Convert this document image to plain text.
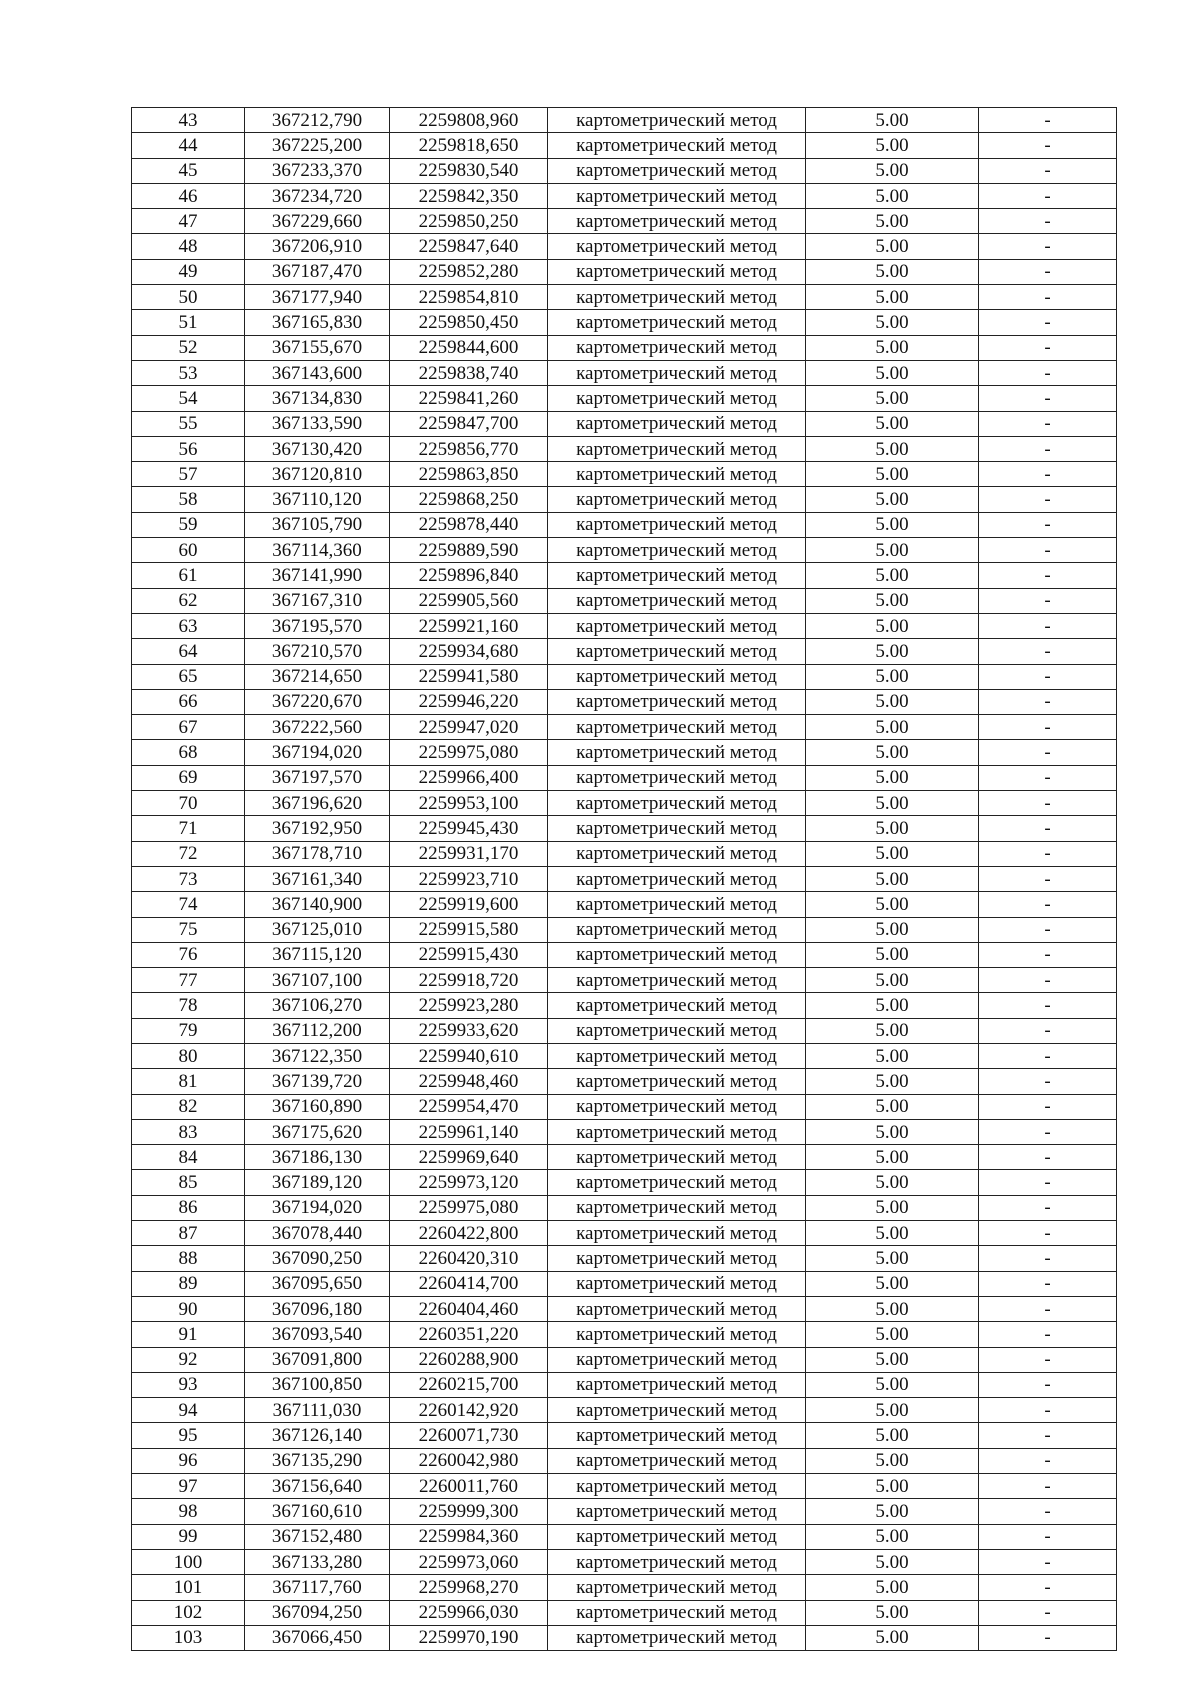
43	367212,790	2259808,960	картометрический метод	5.00	-
44	367225,200	2259818,650	картометрический метод	5.00	-
45	367233,370	2259830,540	картометрический метод	5.00	-
46	367234,720	2259842,350	картометрический метод	5.00	-
47	367229,660	2259850,250	картометрический метод	5.00	-
48	367206,910	2259847,640	картометрический метод	5.00	-
49	367187,470	2259852,280	картометрический метод	5.00	-
50	367177,940	2259854,810	картометрический метод	5.00	-
51	367165,830	2259850,450	картометрический метод	5.00	-
52	367155,670	2259844,600	картометрический метод	5.00	-
53	367143,600	2259838,740	картометрический метод	5.00	-
54	367134,830	2259841,260	картометрический метод	5.00	-
55	367133,590	2259847,700	картометрический метод	5.00	-
56	367130,420	2259856,770	картометрический метод	5.00	-
57	367120,810	2259863,850	картометрический метод	5.00	-
58	367110,120	2259868,250	картометрический метод	5.00	-
59	367105,790	2259878,440	картометрический метод	5.00	-
60	367114,360	2259889,590	картометрический метод	5.00	-
61	367141,990	2259896,840	картометрический метод	5.00	-
62	367167,310	2259905,560	картометрический метод	5.00	-
63	367195,570	2259921,160	картометрический метод	5.00	-
64	367210,570	2259934,680	картометрический метод	5.00	-
65	367214,650	2259941,580	картометрический метод	5.00	-
66	367220,670	2259946,220	картометрический метод	5.00	-
67	367222,560	2259947,020	картометрический метод	5.00	-
68	367194,020	2259975,080	картометрический метод	5.00	-
69	367197,570	2259966,400	картометрический метод	5.00	-
70	367196,620	2259953,100	картометрический метод	5.00	-
71	367192,950	2259945,430	картометрический метод	5.00	-
72	367178,710	2259931,170	картометрический метод	5.00	-
73	367161,340	2259923,710	картометрический метод	5.00	-
74	367140,900	2259919,600	картометрический метод	5.00	-
75	367125,010	2259915,580	картометрический метод	5.00	-
76	367115,120	2259915,430	картометрический метод	5.00	-
77	367107,100	2259918,720	картометрический метод	5.00	-
78	367106,270	2259923,280	картометрический метод	5.00	-
79	367112,200	2259933,620	картометрический метод	5.00	-
80	367122,350	2259940,610	картометрический метод	5.00	-
81	367139,720	2259948,460	картометрический метод	5.00	-
82	367160,890	2259954,470	картометрический метод	5.00	-
83	367175,620	2259961,140	картометрический метод	5.00	-
84	367186,130	2259969,640	картометрический метод	5.00	-
85	367189,120	2259973,120	картометрический метод	5.00	-
86	367194,020	2259975,080	картометрический метод	5.00	-
87	367078,440	2260422,800	картометрический метод	5.00	-
88	367090,250	2260420,310	картометрический метод	5.00	-
89	367095,650	2260414,700	картометрический метод	5.00	-
90	367096,180	2260404,460	картометрический метод	5.00	-
91	367093,540	2260351,220	картометрический метод	5.00	-
92	367091,800	2260288,900	картометрический метод	5.00	-
93	367100,850	2260215,700	картометрический метод	5.00	-
94	367111,030	2260142,920	картометрический метод	5.00	-
95	367126,140	2260071,730	картометрический метод	5.00	-
96	367135,290	2260042,980	картометрический метод	5.00	-
97	367156,640	2260011,760	картометрический метод	5.00	-
98	367160,610	2259999,300	картометрический метод	5.00	-
99	367152,480	2259984,360	картометрический метод	5.00	-
100	367133,280	2259973,060	картометрический метод	5.00	-
101	367117,760	2259968,270	картометрический метод	5.00	-
102	367094,250	2259966,030	картометрический метод	5.00	-
103	367066,450	2259970,190	картометрический метод	5.00	-
